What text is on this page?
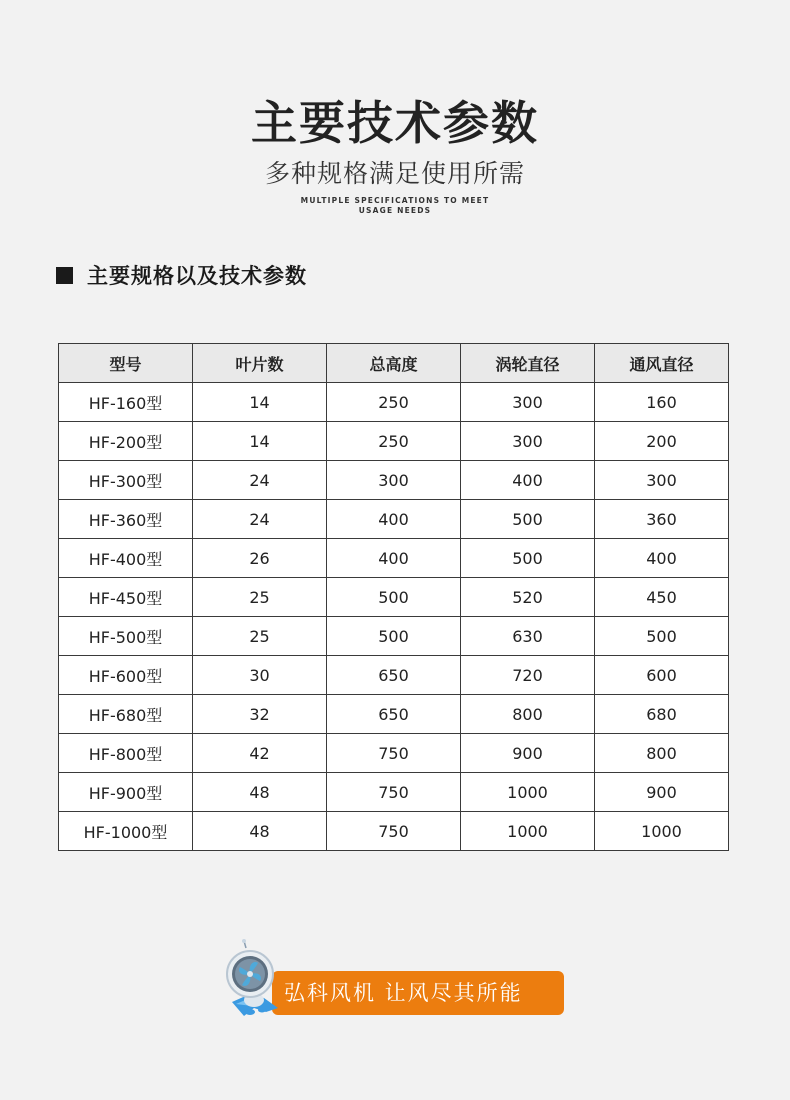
主要技术参数
多种规格满足使用所需
MULTIPLE SPECIFICATIONS TO MEET
USAGE NEEDS
主要规格以及技术参数
型号	叶片数	总高度	涡轮直径	通风直径
HF-160型	14	250	300	160
HF-200型	14	250	300	200
HF-300型	24	300	400	300
HF-360型	24	400	500	360
HF-400型	26	400	500	400
HF-450型	25	500	520	450
HF-500型	25	500	630	500
HF-600型	30	650	720	600
HF-680型	32	650	800	680
HF-800型	42	750	900	800
HF-900型	48	750	1000	900
HF-1000型	48	750	1000	1000
弘科风机 让风尽其所能
